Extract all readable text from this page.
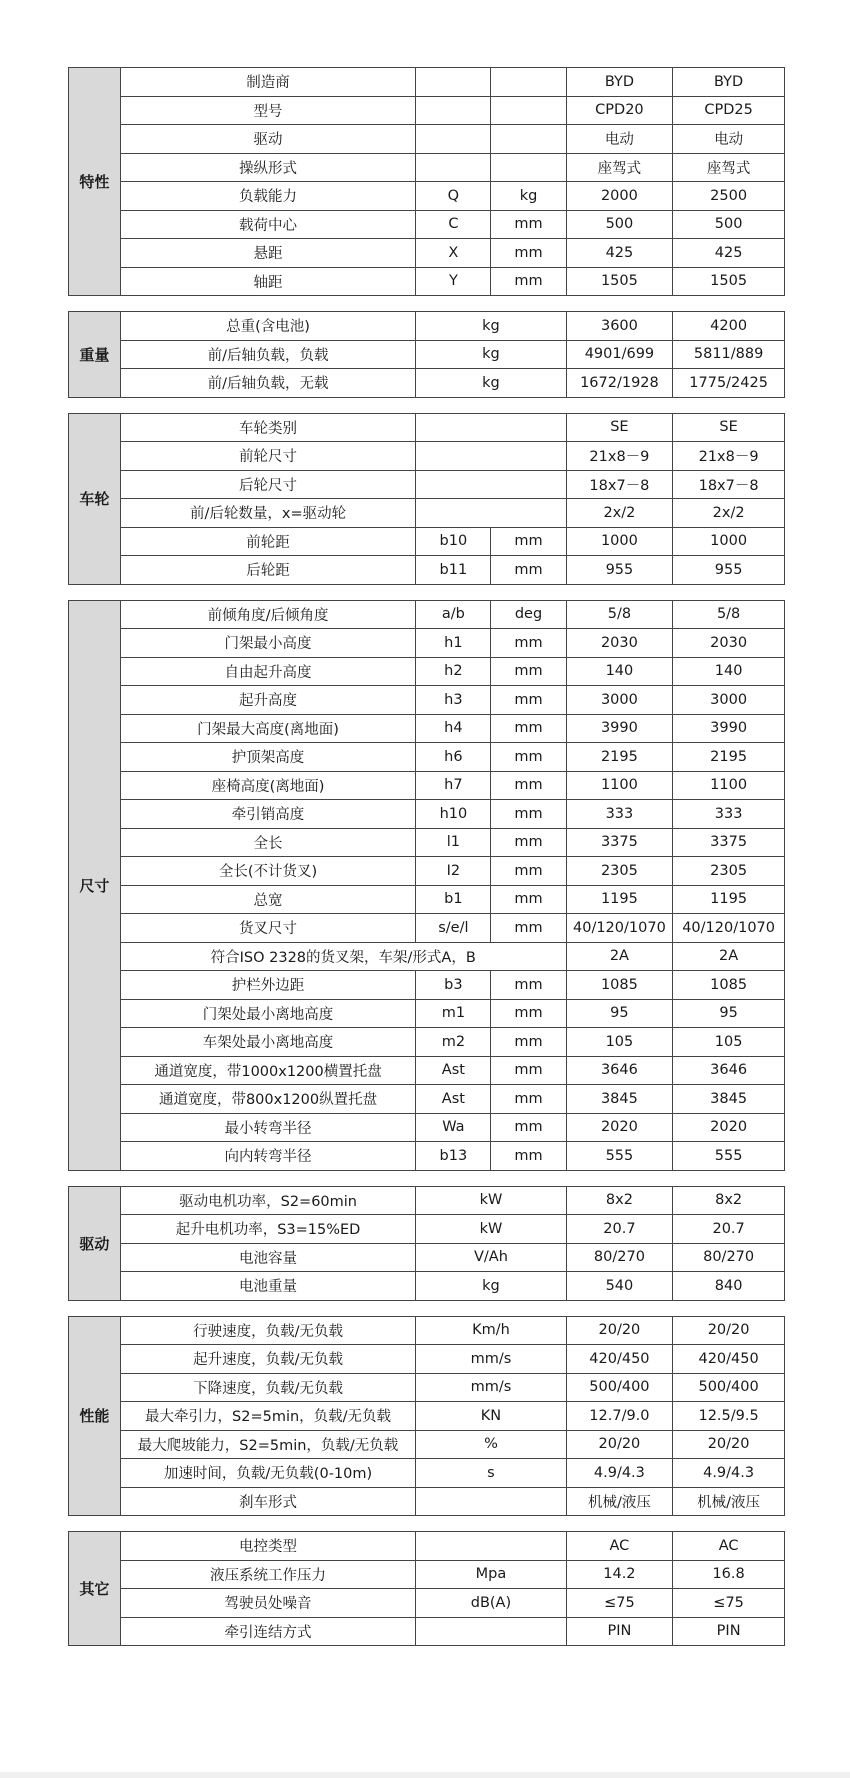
特性	制造商			BYD	BYD
	型号			CPD20	CPD25
	驱动			电动	电动
	操纵形式			座驾式	座驾式
	负载能力	Q	kg	2000	2500
	载荷中心	C	mm	500	500
	悬距	X	mm	425	425
	轴距	Y	mm	1505	1505
重量	总重(含电池)	kg	3600	4200
	前/后轴负载，负载	kg	4901/699	5811/889
	前/后轴负载，无载	kg	1672/1928	1775/2425
车轮	车轮类别			SE	SE
	前轮尺寸			21x8－9	21x8－9
	后轮尺寸			18x7－8	18x7－8
	前/后轮数量，x=驱动轮			2x/2	2x/2
	前轮距	b10	mm	1000	1000
	后轮距	b11	mm	955	955
尺寸	前倾角度/后倾角度	a/b	deg	5/8	5/8
	门架最小高度	h1	mm	2030	2030
	自由起升高度	h2	mm	140	140
	起升高度	h3	mm	3000	3000
	门架最大高度(离地面)	h4	mm	3990	3990
	护顶架高度	h6	mm	2195	2195
	座椅高度(离地面)	h7	mm	1100	1100
	牵引销高度	h10	mm	333	333
	全长	l1	mm	3375	3375
	全长(不计货叉)	I2	mm	2305	2305
	总宽	b1	mm	1195	1195
	货叉尺寸	s/e/l	mm	40/120/1070	40/120/1070
	符合ISO 2328的货叉架，车架/形式A，B			2A	2A
	护栏外边距	b3	mm	1085	1085
	门架处最小离地高度	m1	mm	95	95
	车架处最小离地高度	m2	mm	105	105
	通道宽度，带1000x1200横置托盘	Ast	mm	3646	3646
	通道宽度，带800x1200纵置托盘	Ast	mm	3845	3845
	最小转弯半径	Wa	mm	2020	2020
	向内转弯半径	b13	mm	555	555
驱动	驱动电机功率，S2=60min	kW	8x2	8x2
	起升电机功率，S3=15%ED	kW	20.7	20.7
	电池容量	V/Ah	80/270	80/270
	电池重量	kg	540	840
性能	行驶速度，负载/无负载	Km/h	20/20	20/20
	起升速度，负载/无负载	mm/s	420/450	420/450
	下降速度，负载/无负载	mm/s	500/400	500/400
	最大牵引力，S2=5min，负载/无负载	KN	12.7/9.0	12.5/9.5
	最大爬坡能力，S2=5min，负载/无负载	%	20/20	20/20
	加速时间，负载/无负载(0-10m)	s	4.9/4.3	4.9/4.3
	刹车形式		机械/液压	机械/液压
其它	电控类型		AC	AC
	液压系统工作压力	Mpa	14.2	16.8
	驾驶员处噪音	dB(A)	≤75	≤75
	牵引连结方式		PIN	PIN
